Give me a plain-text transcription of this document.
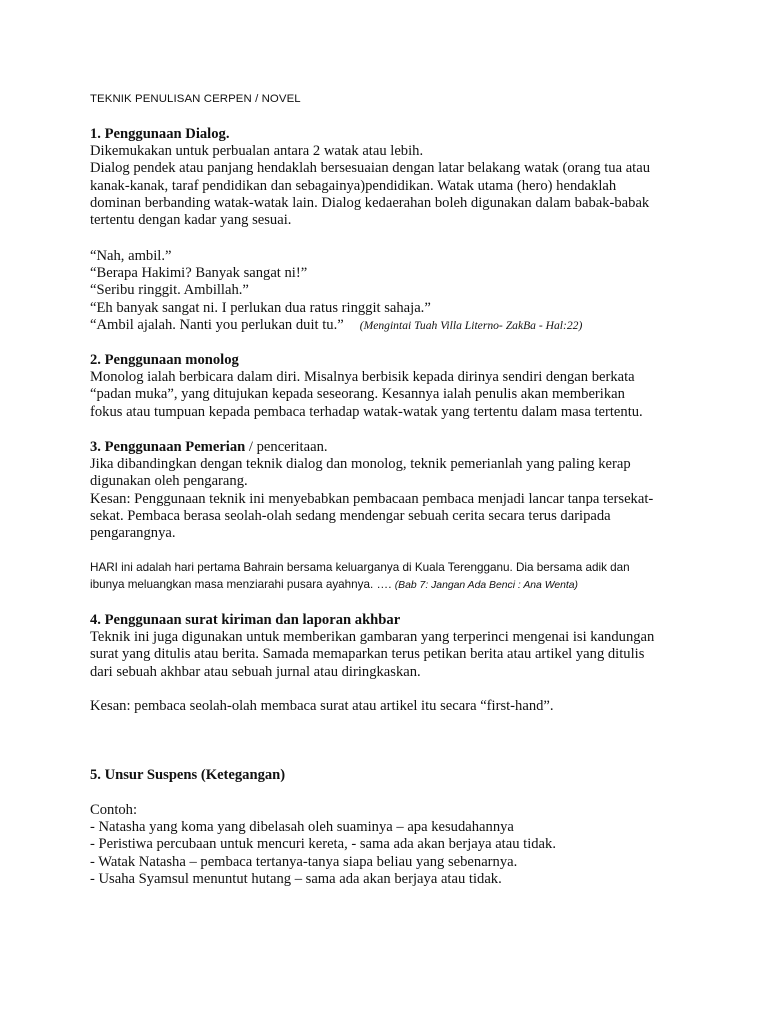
TEKNIK PENULISAN CERPEN / NOVEL
1. Penggunaan Dialog.
Dikemukakan untuk perbualan antara 2 watak atau lebih.
Dialog pendek atau panjang hendaklah bersesuaian dengan latar belakang watak (orang tua atau
kanak-kanak, taraf pendidikan dan sebagainya)pendidikan. Watak utama (hero) hendaklah
dominan berbanding watak-watak lain. Dialog kedaerahan boleh digunakan dalam babak-babak
tertentu dengan kadar yang sesuai.
“Nah, ambil.”
“Berapa Hakimi? Banyak sangat ni!”
“Seribu ringgit. Ambillah.”
“Eh banyak sangat ni. I perlukan dua ratus ringgit sahaja.”
“Ambil ajalah. Nanti you perlukan duit tu.” (Mengintai Tuah Villa Literno- ZakBa - Hal:22)
2. Penggunaan monolog
Monolog ialah berbicara dalam diri. Misalnya berbisik kepada dirinya sendiri dengan berkata
“padan muka”, yang ditujukan kepada seseorang. Kesannya ialah penulis akan memberikan
fokus atau tumpuan kepada pembaca terhadap watak-watak yang tertentu dalam masa tertentu.
3. Penggunaan Pemerian / penceritaan.
Jika dibandingkan dengan teknik dialog dan monolog, teknik pemerianlah yang paling kerap
digunakan oleh pengarang.
Kesan: Penggunaan teknik ini menyebabkan pembacaan pembaca menjadi lancar tanpa tersekat-
sekat. Pembaca berasa seolah-olah sedang mendengar sebuah cerita secara terus daripada
pengarangnya.
HARI ini adalah hari pertama Bahrain bersama keluarganya di Kuala Terengganu. Dia bersama adik dan
ibunya meluangkan masa menziarahi pusara ayahnya. …. (Bab 7: Jangan Ada Benci : Ana Wenta)
4. Penggunaan surat kiriman dan laporan akhbar
Teknik ini juga digunakan untuk memberikan gambaran yang terperinci mengenai isi kandungan
surat yang ditulis atau berita. Samada memaparkan terus petikan berita atau artikel yang ditulis
dari sebuah akhbar atau sebuah jurnal atau diringkaskan.
Kesan: pembaca seolah-olah membaca surat atau artikel itu secara “first-hand”.
5. Unsur Suspens (Ketegangan)
Contoh:
- Natasha yang koma yang dibelasah oleh suaminya – apa kesudahannya
- Peristiwa percubaan untuk mencuri kereta, - sama ada akan berjaya atau tidak.
- Watak Natasha – pembaca tertanya-tanya siapa beliau yang sebenarnya.
- Usaha Syamsul menuntut hutang – sama ada akan berjaya atau tidak.
